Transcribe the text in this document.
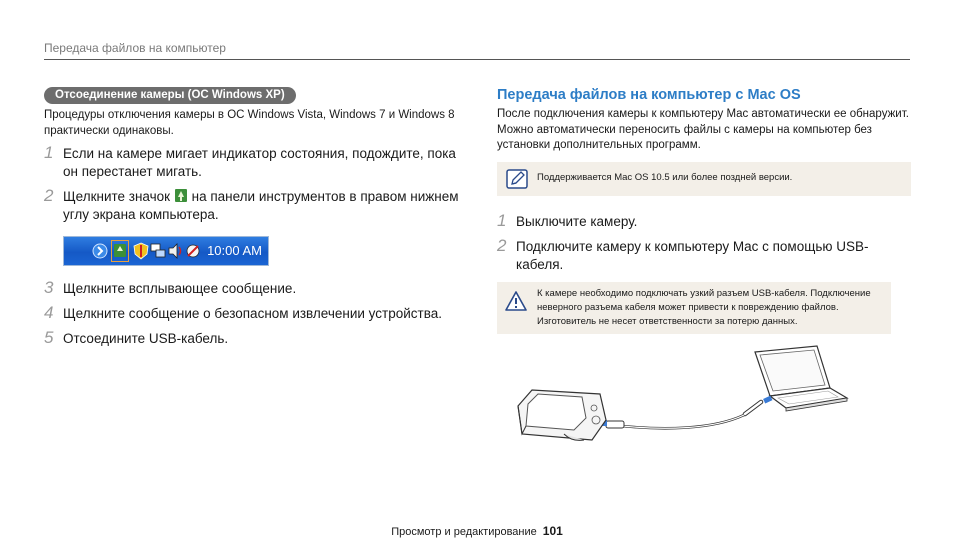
Передача файлов на компьютер
Отсоединение камеры (ОС Windows XP)

Процедуры отключения камеры в ОС Windows Vista, Windows 7 и Windows 8 практически одинаковы.

1 Если на камере мигает индикатор состояния, подождите, пока он перестанет мигать.
2 Щелкните значок на панели инструментов в правом нижнем углу экрана компьютера.
10:00 AM
3 Щелкните всплывающее сообщение.
4 Щелкните сообщение о безопасном извлечении устройства.
5 Отсоедините USB-кабель.
Передача файлов на компьютер с Mac OS

После подключения камеры к компьютеру Mac автоматически ее обнаружит. Можно автоматически переносить файлы с камеры на компьютер без установки дополнительных программ.

Поддерживается Mac OS 10.5 или более поздней версии.
1 Выключите камеру.
2 Подключите камеру к компьютеру Mac с помощью USB-кабеля.
К камере необходимо подключать узкий разъем USB-кабеля. Подключение неверного разъема кабеля может привести к повреждению файлов. Изготовитель не несет ответственности за потерю данных.
Просмотр и редактирование 101
